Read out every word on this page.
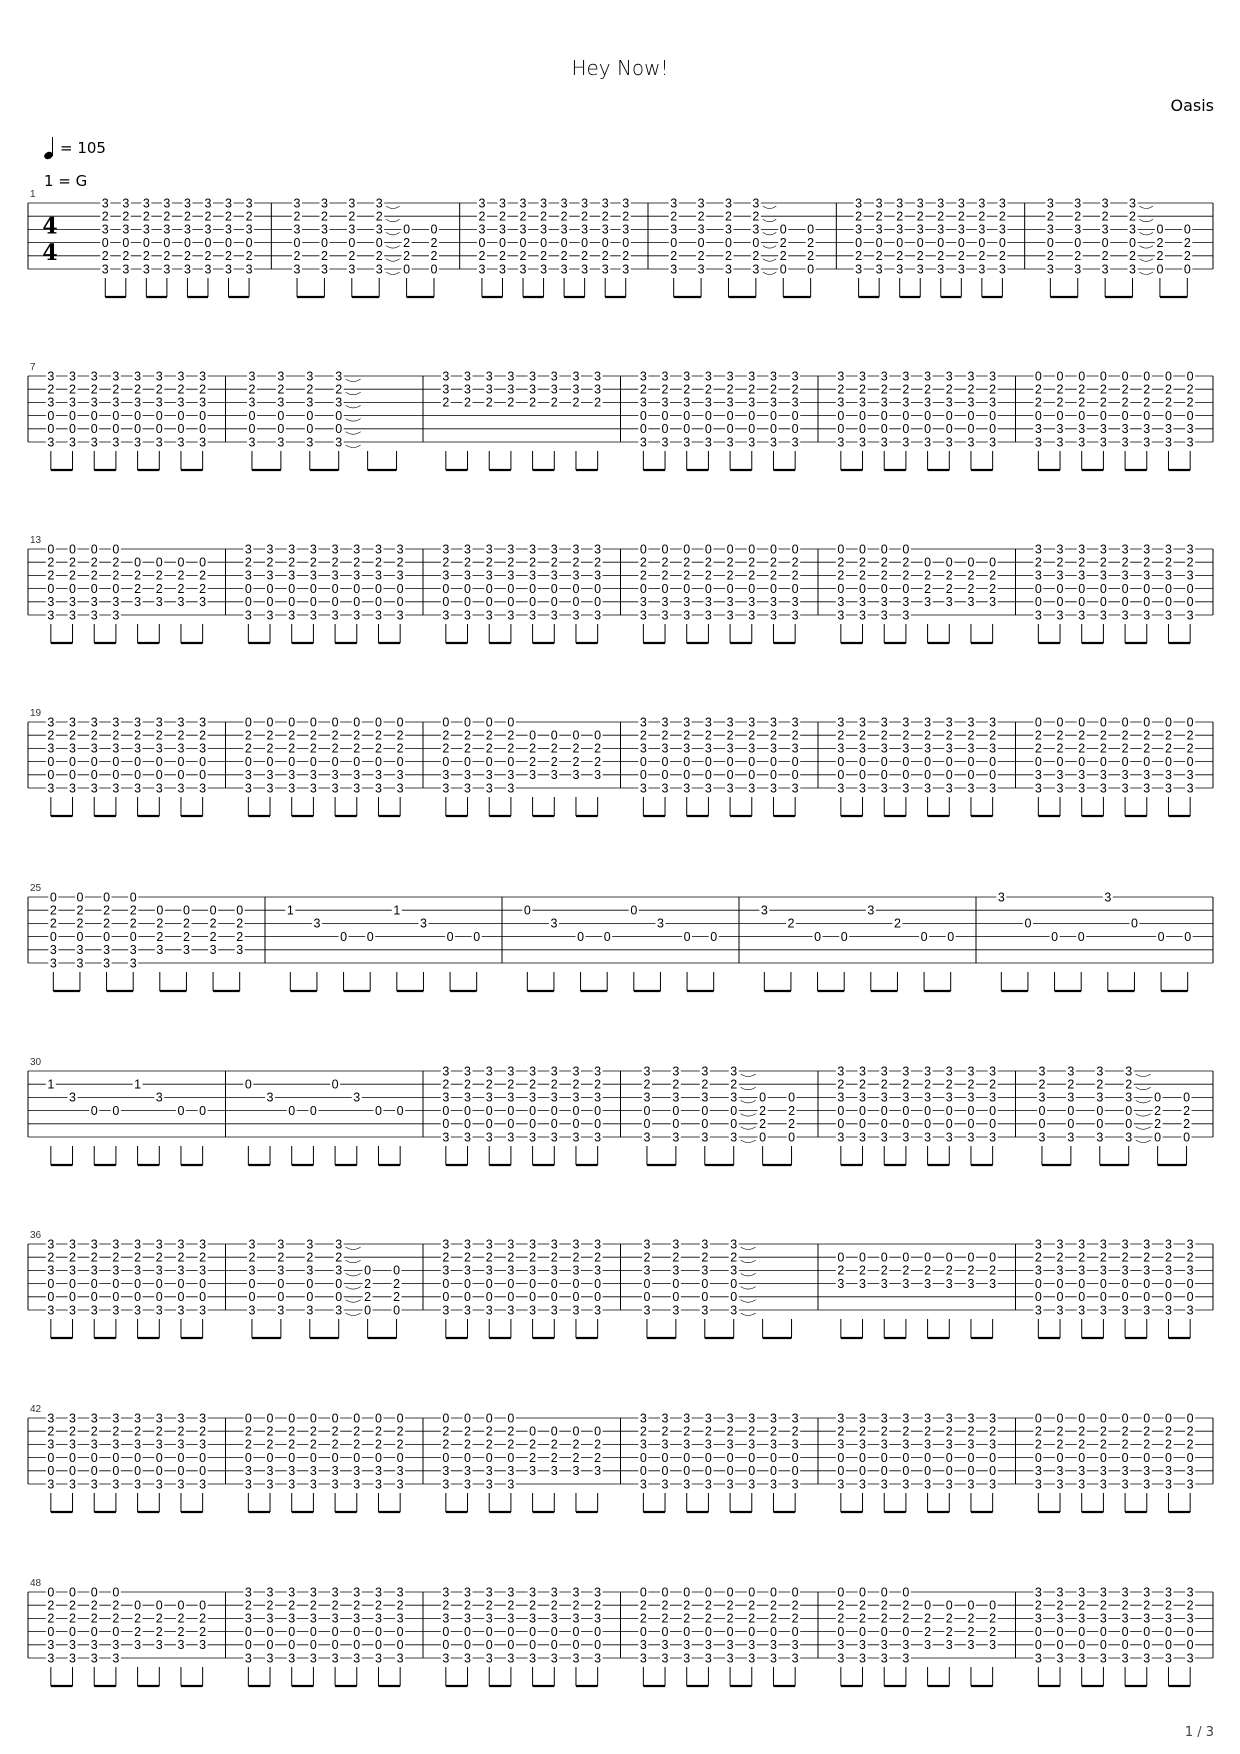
Hey Now!
Oasis
= 105
1 = G
1
4
4
3
2
3
0
2
3
3
2
3
0
2
3
3
2
3
0
2
3
3
2
3
0
2
3
3
2
3
0
2
3
3
2
3
0
2
3
3
2
3
0
2
3
3
2
3
0
2
3
3
2
3
0
2
3
3
2
3
0
2
3
3
2
3
0
2
3
3
2
3
0
2
3
0
2
2
0
0
2
2
0
3
2
3
0
2
3
3
2
3
0
2
3
3
2
3
0
2
3
3
2
3
0
2
3
3
2
3
0
2
3
3
2
3
0
2
3
3
2
3
0
2
3
3
2
3
0
2
3
3
2
3
0
2
3
3
2
3
0
2
3
3
2
3
0
2
3
3
2
3
0
2
3
0
2
2
0
0
2
2
0
3
2
3
0
2
3
3
2
3
0
2
3
3
2
3
0
2
3
3
2
3
0
2
3
3
2
3
0
2
3
3
2
3
0
2
3
3
2
3
0
2
3
3
2
3
0
2
3
3
2
3
0
2
3
3
2
3
0
2
3
3
2
3
0
2
3
3
2
3
0
2
3
0
2
2
0
0
2
2
0
7
3
2
3
0
0
3
3
2
3
0
0
3
3
2
3
0
0
3
3
2
3
0
0
3
3
2
3
0
0
3
3
2
3
0
0
3
3
2
3
0
0
3
3
2
3
0
0
3
3
2
3
0
0
3
3
2
3
0
0
3
3
2
3
0
0
3
3
2
3
0
0
3
3
3
2
3
3
2
3
3
2
3
3
2
3
3
2
3
3
2
3
3
2
3
3
2
3
2
3
0
0
3
3
2
3
0
0
3
3
2
3
0
0
3
3
2
3
0
0
3
3
2
3
0
0
3
3
2
3
0
0
3
3
2
3
0
0
3
3
2
3
0
0
3
3
2
3
0
0
3
3
2
3
0
0
3
3
2
3
0
0
3
3
2
3
0
0
3
3
2
3
0
0
3
3
2
3
0
0
3
3
2
3
0
0
3
3
2
3
0
0
3
0
2
2
0
3
3
0
2
2
0
3
3
0
2
2
0
3
3
0
2
2
0
3
3
0
2
2
0
3
3
0
2
2
0
3
3
0
2
2
0
3
3
0
2
2
0
3
3
13
0
2
2
0
3
3
0
2
2
0
3
3
0
2
2
0
3
3
0
2
2
0
3
3
0
2
2
3
0
2
2
3
0
2
2
3
0
2
2
3
3
2
3
0
0
3
3
2
3
0
0
3
3
2
3
0
0
3
3
2
3
0
0
3
3
2
3
0
0
3
3
2
3
0
0
3
3
2
3
0
0
3
3
2
3
0
0
3
3
2
3
0
0
3
3
2
3
0
0
3
3
2
3
0
0
3
3
2
3
0
0
3
3
2
3
0
0
3
3
2
3
0
0
3
3
2
3
0
0
3
3
2
3
0
0
3
0
2
2
0
3
3
0
2
2
0
3
3
0
2
2
0
3
3
0
2
2
0
3
3
0
2
2
0
3
3
0
2
2
0
3
3
0
2
2
0
3
3
0
2
2
0
3
3
0
2
2
0
3
3
0
2
2
0
3
3
0
2
2
0
3
3
0
2
2
0
3
3
0
2
2
3
0
2
2
3
0
2
2
3
0
2
2
3
3
2
3
0
0
3
3
2
3
0
0
3
3
2
3
0
0
3
3
2
3
0
0
3
3
2
3
0
0
3
3
2
3
0
0
3
3
2
3
0
0
3
3
2
3
0
0
3
19
3
2
3
0
0
3
3
2
3
0
0
3
3
2
3
0
0
3
3
2
3
0
0
3
3
2
3
0
0
3
3
2
3
0
0
3
3
2
3
0
0
3
3
2
3
0
0
3
0
2
2
0
3
3
0
2
2
0
3
3
0
2
2
0
3
3
0
2
2
0
3
3
0
2
2
0
3
3
0
2
2
0
3
3
0
2
2
0
3
3
0
2
2
0
3
3
0
2
2
0
3
3
0
2
2
0
3
3
0
2
2
0
3
3
0
2
2
0
3
3
0
2
2
3
0
2
2
3
0
2
2
3
0
2
2
3
3
2
3
0
0
3
3
2
3
0
0
3
3
2
3
0
0
3
3
2
3
0
0
3
3
2
3
0
0
3
3
2
3
0
0
3
3
2
3
0
0
3
3
2
3
0
0
3
3
2
3
0
0
3
3
2
3
0
0
3
3
2
3
0
0
3
3
2
3
0
0
3
3
2
3
0
0
3
3
2
3
0
0
3
3
2
3
0
0
3
3
2
3
0
0
3
0
2
2
0
3
3
0
2
2
0
3
3
0
2
2
0
3
3
0
2
2
0
3
3
0
2
2
0
3
3
0
2
2
0
3
3
0
2
2
0
3
3
0
2
2
0
3
3
25
0
2
2
0
3
3
0
2
2
0
3
3
0
2
2
0
3
3
0
2
2
0
3
3
0
2
2
3
0
2
2
3
0
2
2
3
0
2
2
3
1
3
0 0
1
3
0 0
0
3
0 0
0
3
0 0
3
2
0 0
3
2
0 0
3
0
0 0
3
0
0 0
30
1
3
0 0
1
3
0 0
0
3
0 0
0
3
0 0
3
2
3
0
0
3
3
2
3
0
0
3
3
2
3
0
0
3
3
2
3
0
0
3
3
2
3
0
0
3
3
2
3
0
0
3
3
2
3
0
0
3
3
2
3
0
0
3
3
2
3
0
0
3
3
2
3
0
0
3
3
2
3
0
0
3
3
2
3
0
0
3
0
2
2
0
0
2
2
0
3
2
3
0
0
3
3
2
3
0
0
3
3
2
3
0
0
3
3
2
3
0
0
3
3
2
3
0
0
3
3
2
3
0
0
3
3
2
3
0
0
3
3
2
3
0
0
3
3
2
3
0
0
3
3
2
3
0
0
3
3
2
3
0
0
3
3
2
3
0
0
3
0
2
2
0
0
2
2
0
36
3
2
3
0
0
3
3
2
3
0
0
3
3
2
3
0
0
3
3
2
3
0
0
3
3
2
3
0
0
3
3
2
3
0
0
3
3
2
3
0
0
3
3
2
3
0
0
3
3
2
3
0
0
3
3
2
3
0
0
3
3
2
3
0
0
3
3
2
3
0
0
3
0
2
2
0
0
2
2
0
3
2
3
0
0
3
3
2
3
0
0
3
3
2
3
0
0
3
3
2
3
0
0
3
3
2
3
0
0
3
3
2
3
0
0
3
3
2
3
0
0
3
3
2
3
0
0
3
3
2
3
0
0
3
3
2
3
0
0
3
3
2
3
0
0
3
3
2
3
0
0
3
0
2
3
0
2
3
0
2
3
0
2
3
0
2
3
0
2
3
0
2
3
0
2
3
3
2
3
0
0
3
3
2
3
0
0
3
3
2
3
0
0
3
3
2
3
0
0
3
3
2
3
0
0
3
3
2
3
0
0
3
3
2
3
0
0
3
3
2
3
0
0
3
42
3
2
3
0
0
3
3
2
3
0
0
3
3
2
3
0
0
3
3
2
3
0
0
3
3
2
3
0
0
3
3
2
3
0
0
3
3
2
3
0
0
3
3
2
3
0
0
3
0
2
2
0
3
3
0
2
2
0
3
3
0
2
2
0
3
3
0
2
2
0
3
3
0
2
2
0
3
3
0
2
2
0
3
3
0
2
2
0
3
3
0
2
2
0
3
3
0
2
2
0
3
3
0
2
2
0
3
3
0
2
2
0
3
3
0
2
2
0
3
3
0
2
2
3
0
2
2
3
0
2
2
3
0
2
2
3
3
2
3
0
0
3
3
2
3
0
0
3
3
2
3
0
0
3
3
2
3
0
0
3
3
2
3
0
0
3
3
2
3
0
0
3
3
2
3
0
0
3
3
2
3
0
0
3
3
2
3
0
0
3
3
2
3
0
0
3
3
2
3
0
0
3
3
2
3
0
0
3
3
2
3
0
0
3
3
2
3
0
0
3
3
2
3
0
0
3
3
2
3
0
0
3
0
2
2
0
3
3
0
2
2
0
3
3
0
2
2
0
3
3
0
2
2
0
3
3
0
2
2
0
3
3
0
2
2
0
3
3
0
2
2
0
3
3
0
2
2
0
3
3
48
0
2
2
0
3
3
0
2
2
0
3
3
0
2
2
0
3
3
0
2
2
0
3
3
0
2
2
3
0
2
2
3
0
2
2
3
0
2
2
3
3
2
3
0
0
3
3
2
3
0
0
3
3
2
3
0
0
3
3
2
3
0
0
3
3
2
3
0
0
3
3
2
3
0
0
3
3
2
3
0
0
3
3
2
3
0
0
3
3
2
3
0
0
3
3
2
3
0
0
3
3
2
3
0
0
3
3
2
3
0
0
3
3
2
3
0
0
3
3
2
3
0
0
3
3
2
3
0
0
3
3
2
3
0
0
3
0
2
2
0
3
3
0
2
2
0
3
3
0
2
2
0
3
3
0
2
2
0
3
3
0
2
2
0
3
3
0
2
2
0
3
3
0
2
2
0
3
3
0
2
2
0
3
3
0
2
2
0
3
3
0
2
2
0
3
3
0
2
2
0
3
3
0
2
2
0
3
3
0
2
2
3
0
2
2
3
0
2
2
3
0
2
2
3
3
2
3
0
0
3
3
2
3
0
0
3
3
2
3
0
0
3
3
2
3
0
0
3
3
2
3
0
0
3
3
2
3
0
0
3
3
2
3
0
0
3
3
2
3
0
0
3
1 / 3
